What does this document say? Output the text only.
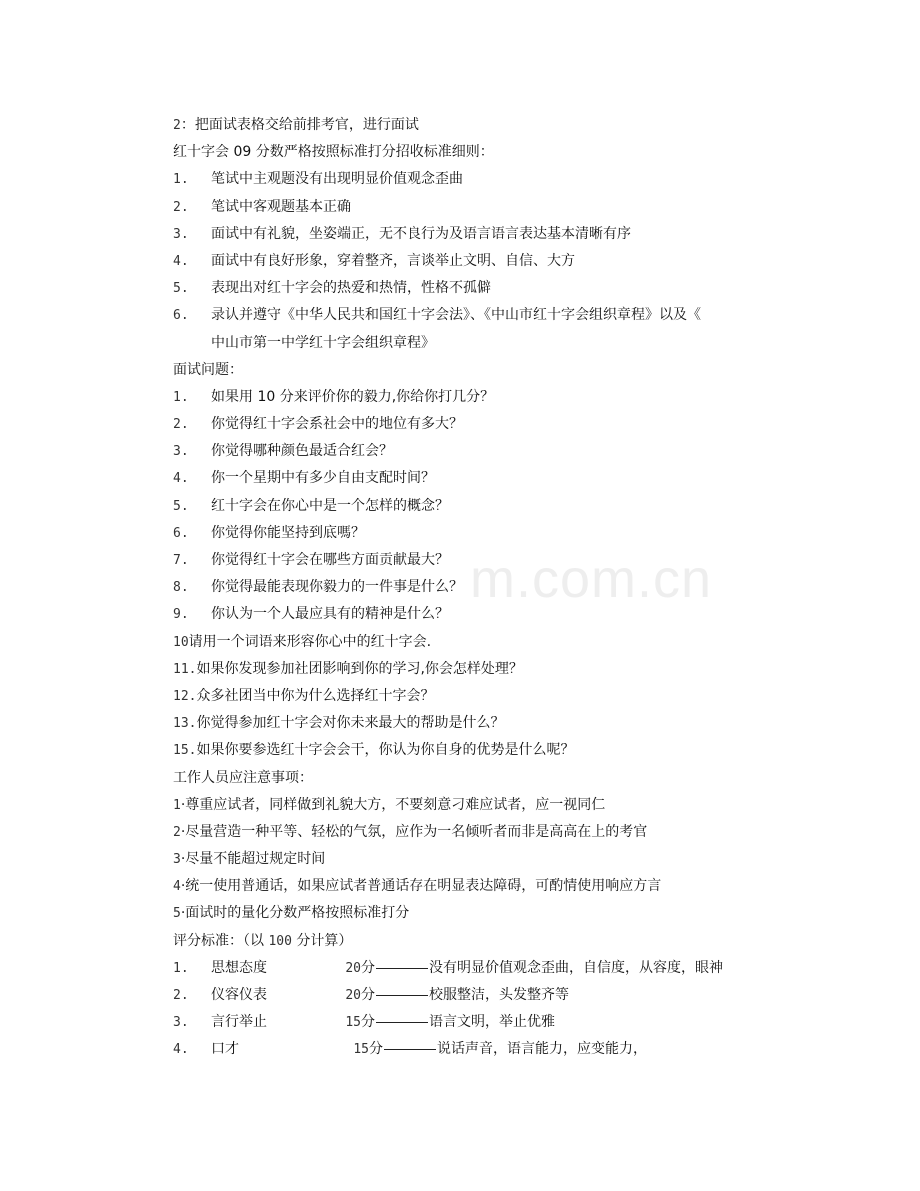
m.com.cn
2：把面试表格交给前排考官，进行面试
红十字会 09 分数严格按照标准打分招收标准细则：
1.	笔试中主观题没有出现明显价值观念歪曲
2.	笔试中客观题基本正确
3.	面试中有礼貌，坐姿端正，无不良行为及语言语言表达基本清晰有序
4.	面试中有良好形象，穿着整齐，言谈举止文明、自信、大方
5.	表现出对红十字会的热爱和热情，性格不孤僻
6.	录认并遵守《中华人民共和国红十字会法》、《中山市红十字会组织章程》以及《
中山市第一中学红十字会组织章程》
面试问题：
1.	如果用 10 分来评价你的毅力,你给你打几分？
2.	你觉得红十字会系社会中的地位有多大？
3.	你觉得哪种颜色最适合红会？
4.	你一个星期中有多少自由支配时间？
5.	红十字会在你心中是一个怎样的概念？
6.	你觉得你能坚持到底嗎？
7.	你觉得红十字会在哪些方面贡献最大？
8.	你觉得最能表现你毅力的一件事是什么？
9.	你认为一个人最应具有的精神是什么？
10请用一个词语来形容你心中的红十字会.
11.如果你发现参加社团影响到你的学习,你会怎样处理？
12.众多社团当中你为什么选择红十字会？
13.你觉得参加红十字会对你未来最大的帮助是什么？
15.如果你要参选红十字会会干，你认为你自身的优势是什么呢？
工作人员应注意事项：
1·尊重应试者，同样做到礼貌大方，不要刻意刁难应试者，应一视同仁
2·尽量营造一种平等、轻松的气氛，应作为一名倾听者而非是高高在上的考官
3·尽量不能超过规定时间
4·统一使用普通话，如果应试者普通话存在明显表达障碍，可酌情使用响应方言
5·面试时的量化分数严格按照标准打分
评分标准：（以 100 分计算）
1.	思想态度	20 分	没有明显价值观念歪曲，自信度，从容度，眼神
2.	仪容仪表	20 分	校服整洁，头发整齐等
3.	言行举止	15 分	语言文明，举止优雅
4.	口才	15 分	说话声音，语言能力，应变能力，
